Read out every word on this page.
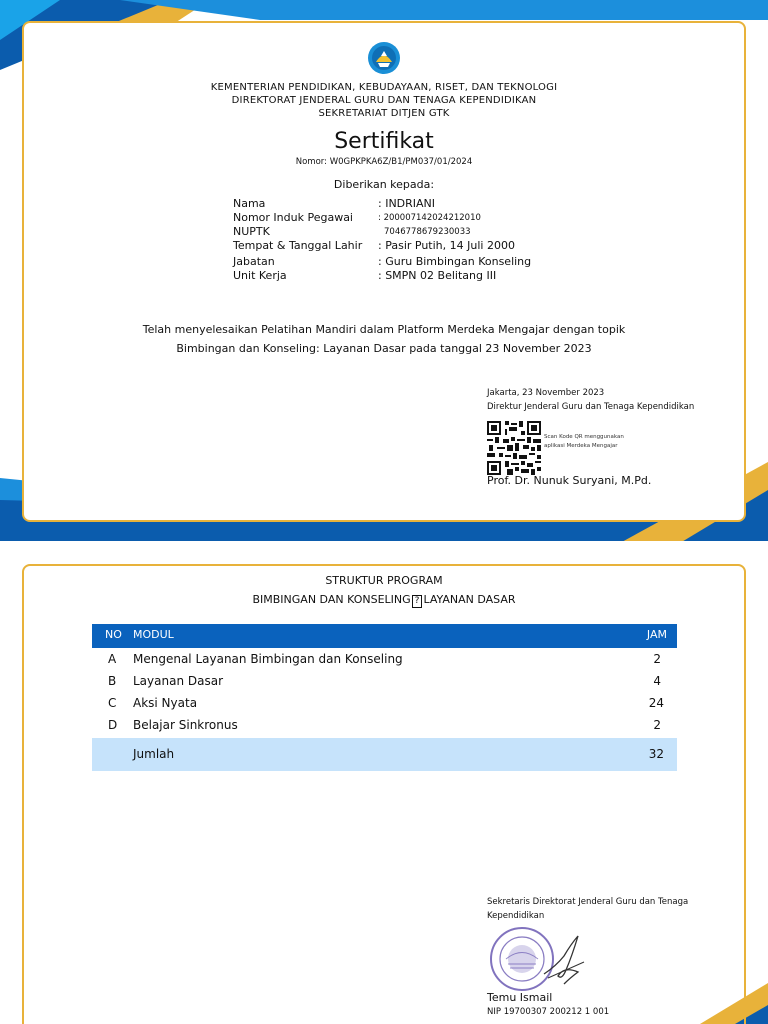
KEMENTERIAN PENDIDIKAN, KEBUDAYAAN, RISET, DAN TEKNOLOGI
DIREKTORAT JENDERAL GURU DAN TENAGA KEPENDIDIKAN
SEKRETARIAT DITJEN GTK
Sertifikat
Nomor: W0GPKPKA6Z/B1/PM037/01/2024
Diberikan kepada:
Nama	: INDRIANI
Nomor Induk Pegawai	: 200007142024212010
NUPTK	7046778679230033
Tempat & Tanggal Lahir : Pasir Putih, 14 Juli 2000
Jabatan	: Guru Bimbingan Konseling
Unit Kerja	: SMPN 02 Belitang III
Telah menyelesaikan Pelatihan Mandiri dalam Platform Merdeka Mengajar dengan topik
Bimbingan dan Konseling: Layanan Dasar pada tanggal 23 November 2023
Jakarta, 23 November 2023
Direktur Jenderal Guru dan Tenaga Kependidikan
Scan Kode QR menggunakan
aplikasi Merdeka Mengajar
Prof. Dr. Nunuk Suryani, M.Pd.
STRUKTUR PROGRAM
BIMBINGAN DAN KONSELING ? LAYANAN DASAR
NO MODUL	JAM
A Mengenal Layanan Bimbingan dan Konseling	2
B Layanan Dasar	4
C Aksi Nyata	24
D Belajar Sinkronus	2
Jumlah	32
Sekretaris Direktorat Jenderal Guru dan Tenaga
Kependidikan
Temu Ismail
NIP 19700307 200212 1 001
